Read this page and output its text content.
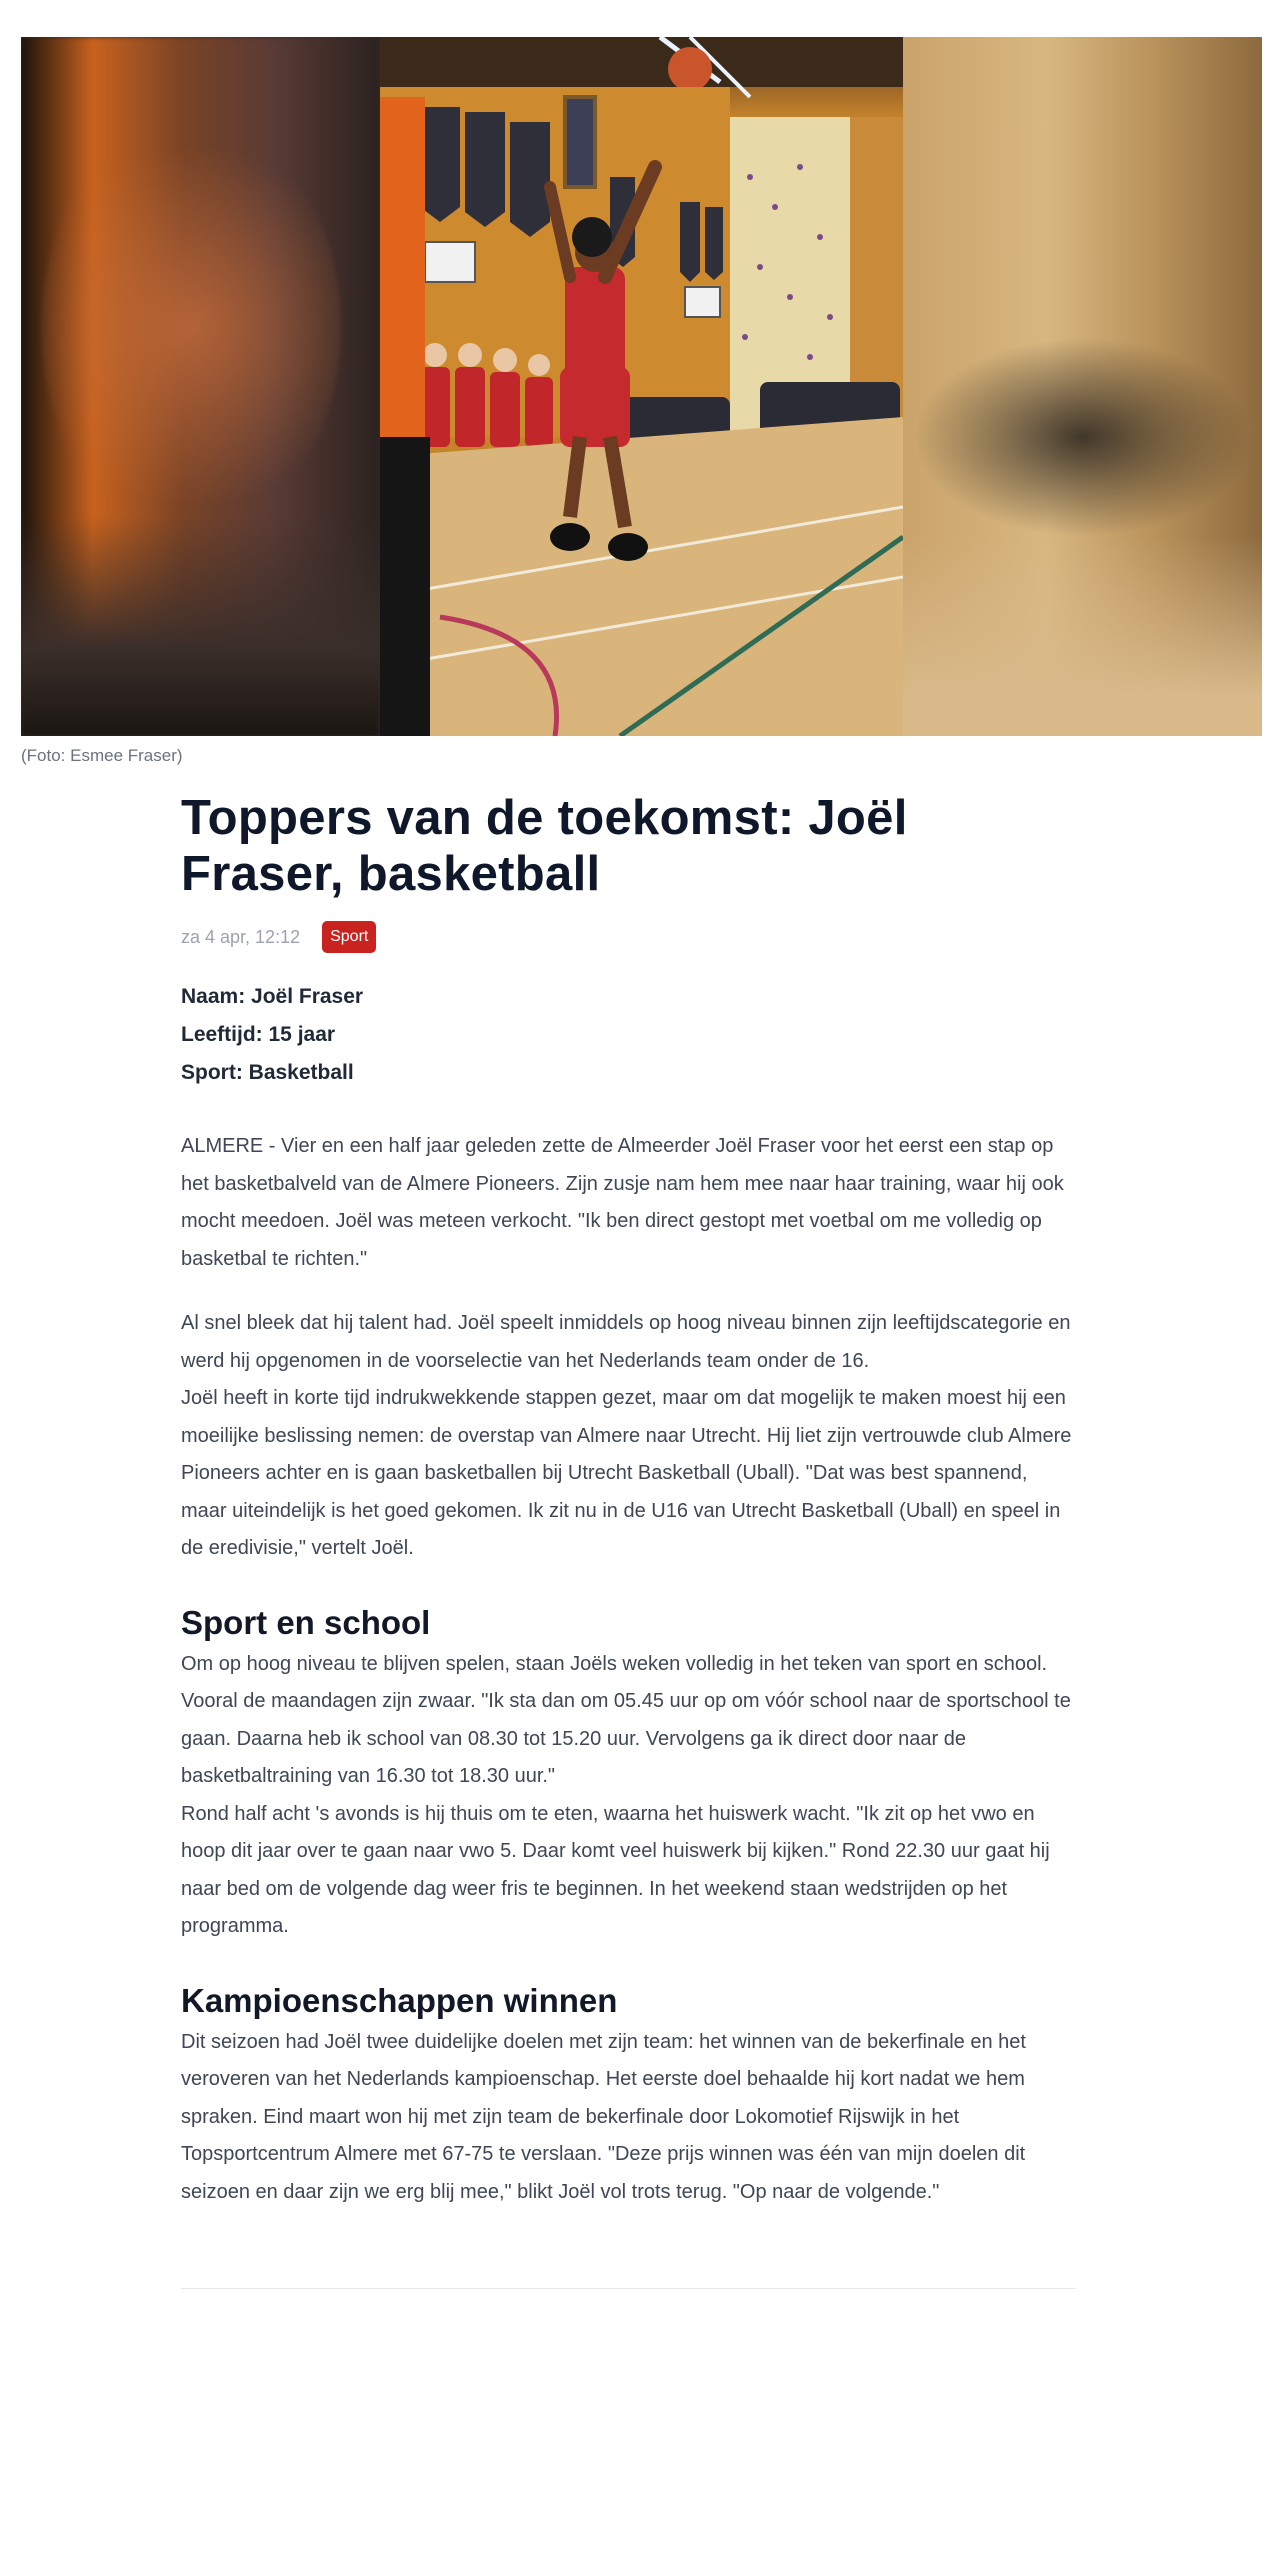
(Foto: Esmee Fraser)
Toppers van de toekomst: Joël Fraser, basketball
za 4 apr, 12:12	Sport

Naam: Joël Fraser

Leeftijd: 15 jaar

Sport: Basketball

ALMERE - Vier en een half jaar geleden zette de Almeerder Joël Fraser voor het eerst een stap op het basketbalveld van de Almere Pioneers. Zijn zusje nam hem mee naar haar training, waar hij ook mocht meedoen. Joël was meteen verkocht. "Ik ben direct gestopt met voetbal om me volledig op basketbal te richten."

Al snel bleek dat hij talent had. Joël speelt inmiddels op hoog niveau binnen zijn leeftijdscategorie en werd hij opgenomen in de voorselectie van het Nederlands team onder de 16.

Joël heeft in korte tijd indrukwekkende stappen gezet, maar om dat mogelijk te maken moest hij een moeilijke beslissing nemen: de overstap van Almere naar Utrecht. Hij liet zijn vertrouwde club Almere Pioneers achter en is gaan basketballen bij Utrecht Basketball (Uball). "Dat was best spannend, maar uiteindelijk is het goed gekomen. Ik zit nu in de U16 van Utrecht Basketball (Uball) en speel in de eredivisie," vertelt Joël.

Sport en school

Om op hoog niveau te blijven spelen, staan Joëls weken volledig in het teken van sport en school. Vooral de maandagen zijn zwaar. "Ik sta dan om 05.45 uur op om vóór school naar de sportschool te gaan. Daarna heb ik school van 08.30 tot 15.20 uur. Vervolgens ga ik direct door naar de basketbaltraining van 16.30 tot 18.30 uur."

Rond half acht 's avonds is hij thuis om te eten, waarna het huiswerk wacht. "Ik zit op het vwo en hoop dit jaar over te gaan naar vwo 5. Daar komt veel huiswerk bij kijken." Rond 22.30 uur gaat hij naar bed om de volgende dag weer fris te beginnen. In het weekend staan wedstrijden op het programma.

Kampioenschappen winnen

Dit seizoen had Joël twee duidelijke doelen met zijn team: het winnen van de bekerfinale en het veroveren van het Nederlands kampioenschap. Het eerste doel behaalde hij kort nadat we hem spraken. Eind maart won hij met zijn team de bekerfinale door Lokomotief Rijswijk in het Topsportcentrum Almere met 67-75 te verslaan. "Deze prijs winnen was één van mijn doelen dit seizoen en daar zijn we erg blij mee," blikt Joël vol trots terug. "Op naar de volgende."
